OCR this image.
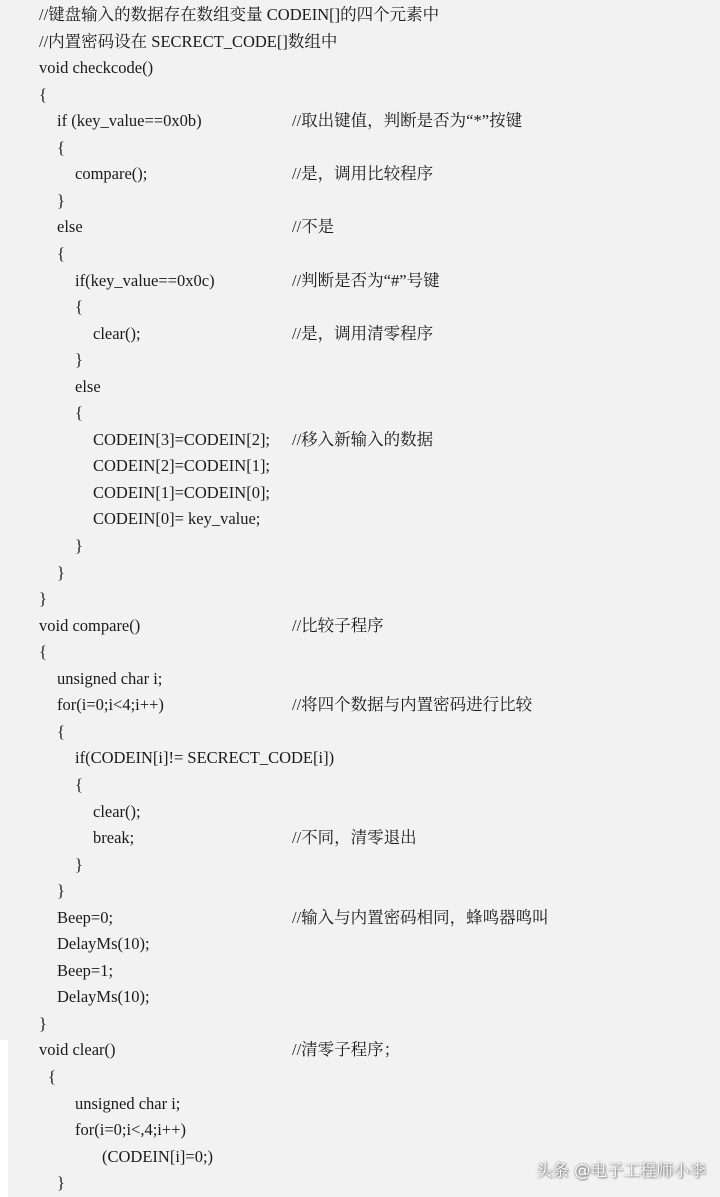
//键盘输入的数据存在数组变量 CODEIN[]的四个元素中
//内置密码设在 SECRECT_CODE[]数组中
void checkcode()
{
if (key_value==0x0b)	//取出键值，判断是否为“*”按键
{
compare();	//是，调用比较程序
}
else	//不是
{
if(key_value==0x0c)	//判断是否为“#”号键
{
clear();	//是，调用清零程序
}
else
{
CODEIN[3]=CODEIN[2]; //移入新输入的数据
CODEIN[2]=CODEIN[1];
CODEIN[1]=CODEIN[0];
CODEIN[0]= key_value;
}
}
}
void compare()	//比较子程序
{
unsigned char i;
for(i=0;i<4;i++)	//将四个数据与内置密码进行比较
{
if(CODEIN[i]!= SECRECT_CODE[i])
{
clear();
break;	//不同，清零退出
}
}
Beep=0;	//输入与内置密码相同，蜂鸣器鸣叫
DelayMs(10);
Beep=1;
DelayMs(10);
}
void clear()	//清零子程序；
{
unsigned char i;
for(i=0;i<,4;i++)
(CODEIN[i]=0;)
}
头条 @电子工程师小李
